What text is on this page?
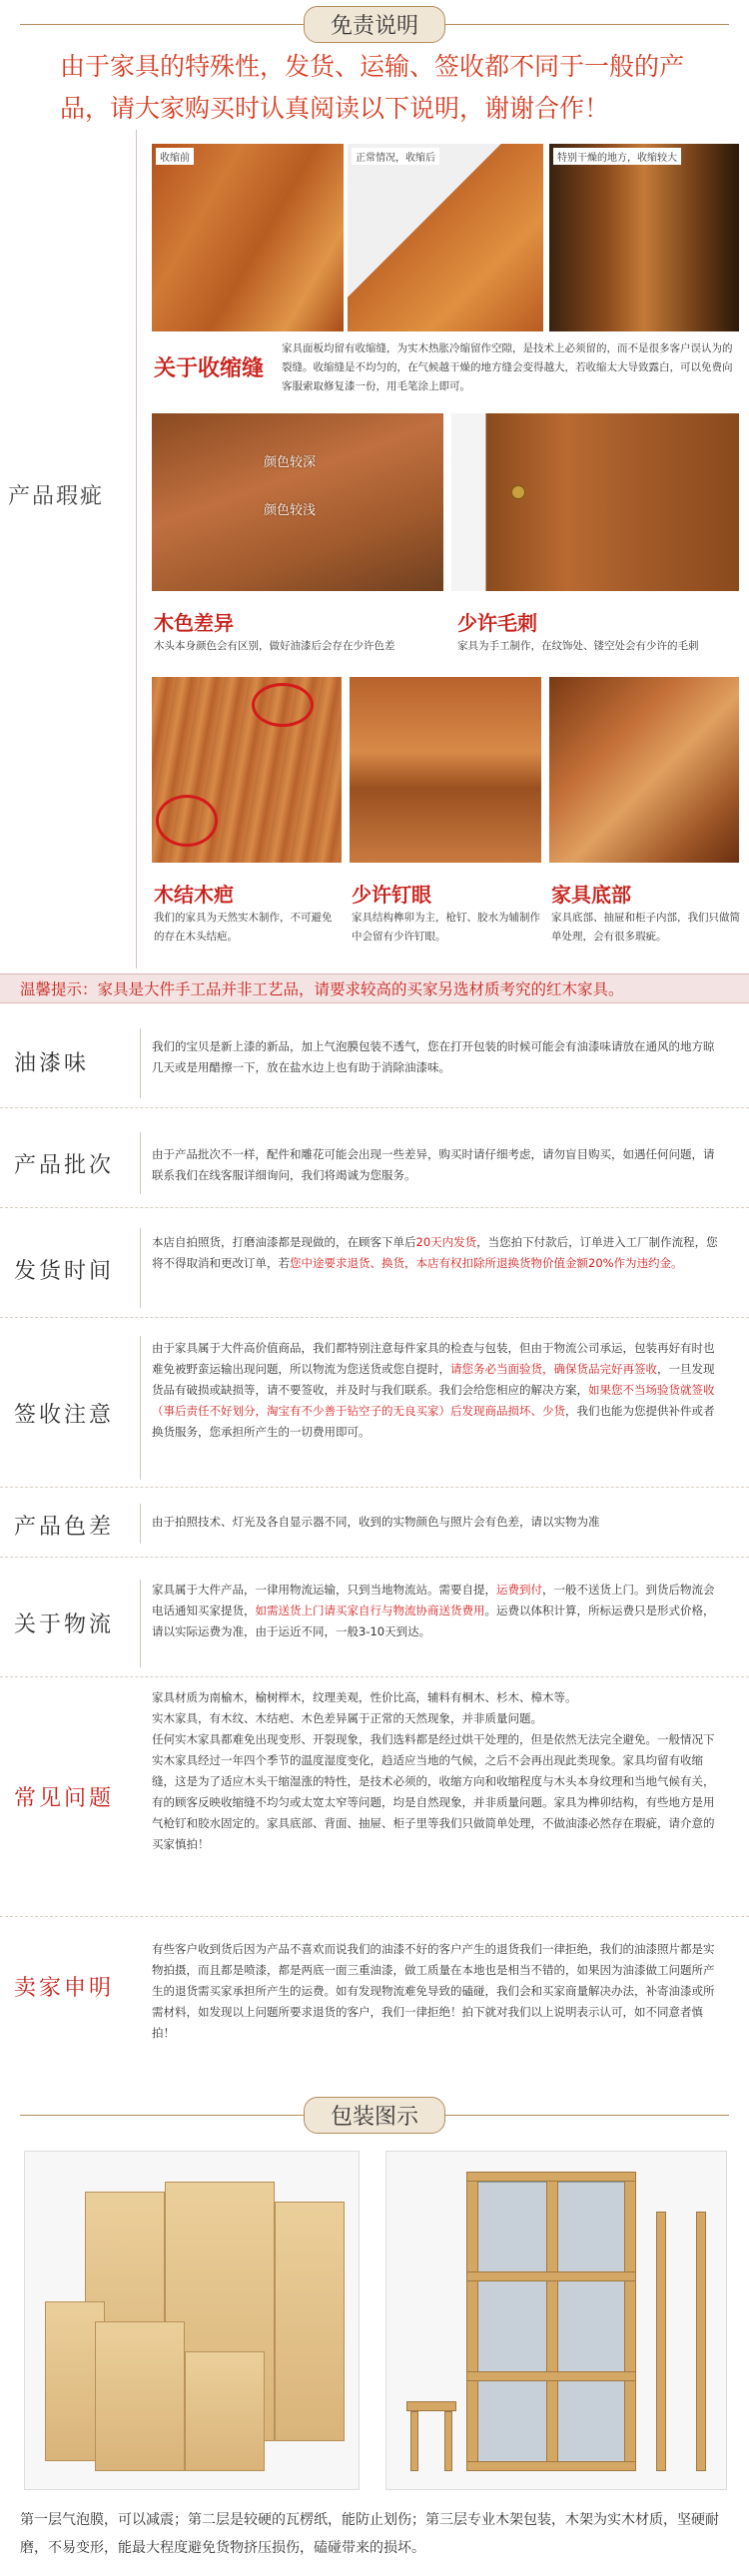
免责说明
由于家具的特殊性，发货、运输、签收都不同于一般的产品，请大家购买时认真阅读以下说明，谢谢合作！
产品瑕疵
收缩前	正常情况，收缩后	特别干燥的地方，收缩较大
关于收缩缝
家具面板均留有收缩缝，为实木热胀冷缩留作空隙，是技术上必须留的，而不是很多客户误认为的裂缝。收缩缝是不均匀的，在气候越干燥的地方缝会变得越大，若收缩太大导致露白，可以免费向客服索取修复漆一份，用毛笔涂上即可。
颜色较深
颜色较浅
木色差异
木头本身颜色会有区别，做好油漆后会存在少许色差
少许毛刺
家具为手工制作，在纹饰处、镂空处会有少许的毛刺
木结木疤
我们的家具为天然实木制作，不可避免的存在木头结疤。
少许钉眼
家具结构榫卯为主，枪钉、胶水为辅制作中会留有少许钉眼。
家具底部
家具底部、抽屉和柜子内部，我们只做简单处理，会有很多瑕疵。
温馨提示：家具是大件手工品并非工艺品，请要求较高的买家另选材质考究的红木家具。
油漆味
我们的宝贝是新上漆的新品，加上气泡膜包装不透气，您在打开包装的时候可能会有油漆味请放在通风的地方晾几天或是用醋擦一下，放在盐水边上也有助于消除油漆味。
产品批次	由于产品批次不一样，配件和雕花可能会出现一些差异，购买时请仔细考虑，请勿盲目购买，如遇任何问题，请联系我们在线客服详细询问，我们将竭诚为您服务。
发货时间
本店自拍照货，打磨油漆都是现做的，在顾客下单后20天内发货，当您拍下付款后，订单进入工厂制作流程，您将不得取消和更改订单，若您中途要求退货、换货，本店有权扣除所退换货物价值金额20%作为违约金。
签收注意
由于家具属于大件高价值商品，我们都特别注意每件家具的检查与包装，但由于物流公司承运，包装再好有时也难免被野蛮运输出现问题，所以物流为您送货或您自提时，请您务必当面验货，确保货品完好再签收，一旦发现货品有破损或缺损等，请不要签收，并及时与我们联系。我们会给您相应的解决方案，如果您不当场验货就签收（事后责任不好划分，淘宝有不少善于钻空子的无良买家）后发现商品损坏、少货，我们也能为您提供补件或者换货服务，您承担所产生的一切费用即可。
产品色差	由于拍照技术、灯光及各自显示器不同，收到的实物颜色与照片会有色差，请以实物为准
关于物流
家具属于大件产品，一律用物流运输，只到当地物流站。需要自提，运费到付，一般不送货上门。到货后物流会电话通知买家提货，如需送货上门请买家自行与物流协商送货费用。运费以体积计算，所标运费只是形式价格，请以实际运费为准，由于运近不同，一般3-10天到达。
常见问题
家具材质为南榆木，榆树榉木，纹理美观，性价比高，辅料有桐木、杉木、樟木等。
实木家具，有木纹、木结疤、木色差异属于正常的天然现象，并非质量问题。
任何实木家具都难免出现变形、开裂现象，我们选料都是经过烘干处理的，但是依然无法完全避免。一般情况下实木家具经过一年四个季节的温度湿度变化，趋适应当地的气候，之后不会再出现此类现象。家具均留有收缩缝，这是为了适应木头干缩湿涨的特性，是技术必须的，收缩方向和收缩程度与木头本身纹理和当地气候有关，有的顾客反映收缩缝不均匀或太宽太窄等问题，均是自然现象，并非质量问题。家具为榫卯结构，有些地方是用气枪钉和胶水固定的。家具底部、背面、抽屉、柜子里等我们只做简单处理，不做油漆必然存在瑕疵，请介意的买家慎拍！
卖家申明
有些客户收到货后因为产品不喜欢而说我们的油漆不好的客户产生的退货我们一律拒绝，我们的油漆照片都是实物拍摄，而且都是喷漆，都是两底一面三重油漆，做工质量在本地也是相当不错的，如果因为油漆做工问题所产生的退货需买家承担所产生的运费。如有发现物流难免导致的磕碰，我们会和买家商量解决办法，补寄油漆或所需材料，如发现以上问题所要求退货的客户，我们一律拒绝！拍下就对我们以上说明表示认可，如不同意者慎拍！
包装图示
第一层气泡膜，可以减震；第二层是较硬的瓦楞纸，能防止划伤；第三层专业木架包装，木架为实木材质，坚硬耐磨，不易变形，能最大程度避免货物挤压损伤，磕碰带来的损坏。
